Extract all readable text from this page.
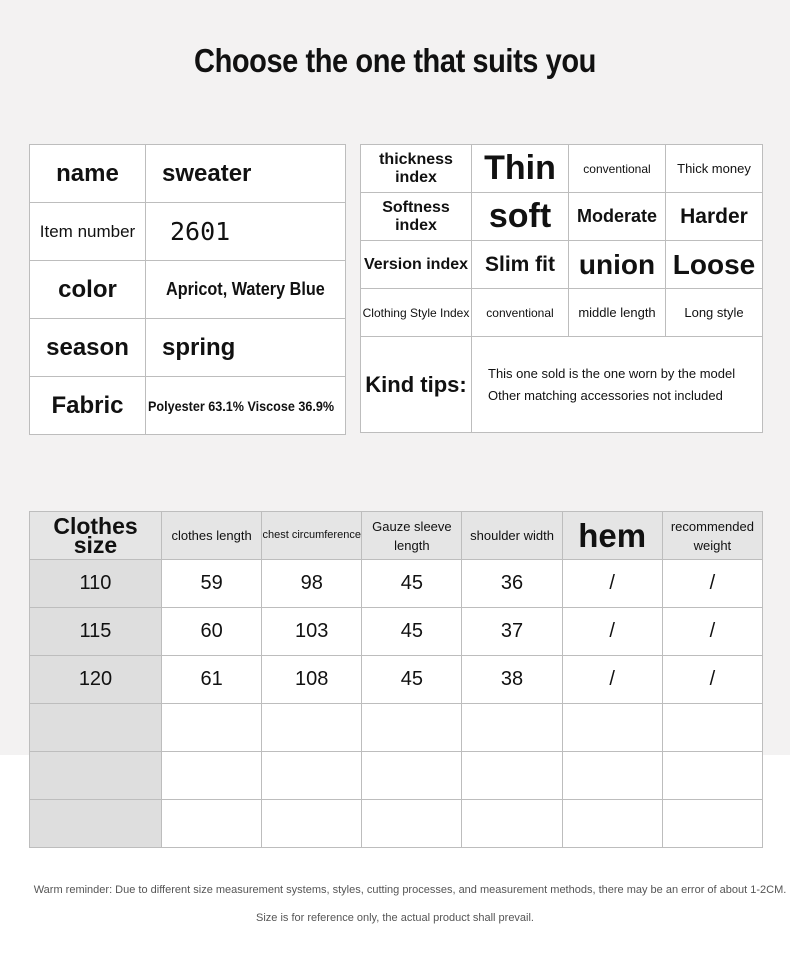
Choose the one that suits you
name	sweater
Item number	2601
color	Apricot, Watery Blue
season	spring
Fabric	Polyester 63.1% Viscose 36.9%
thickness index	Thin	conventional	Thick money
Softness index	soft	Moderate	Harder
Version index	Slim fit	union	Loose
Clothing Style Index	conventional	middle length	Long style
Kind tips:	This one sold is the one worn by the model
Other matching accessories not included		
Clothes size	clothes length	chest circumference	Gauze sleeve length	shoulder width	hem	recommended weight
110	59	98	45	36	/	/
115	60	103	45	37	/	/
120	61	108	45	38	/	/

Warm reminder: Due to different size measurement systems, styles, cutting processes, and measurement methods, there may be an error of about 1-2CM.
Size is for reference only, the actual product shall prevail.
